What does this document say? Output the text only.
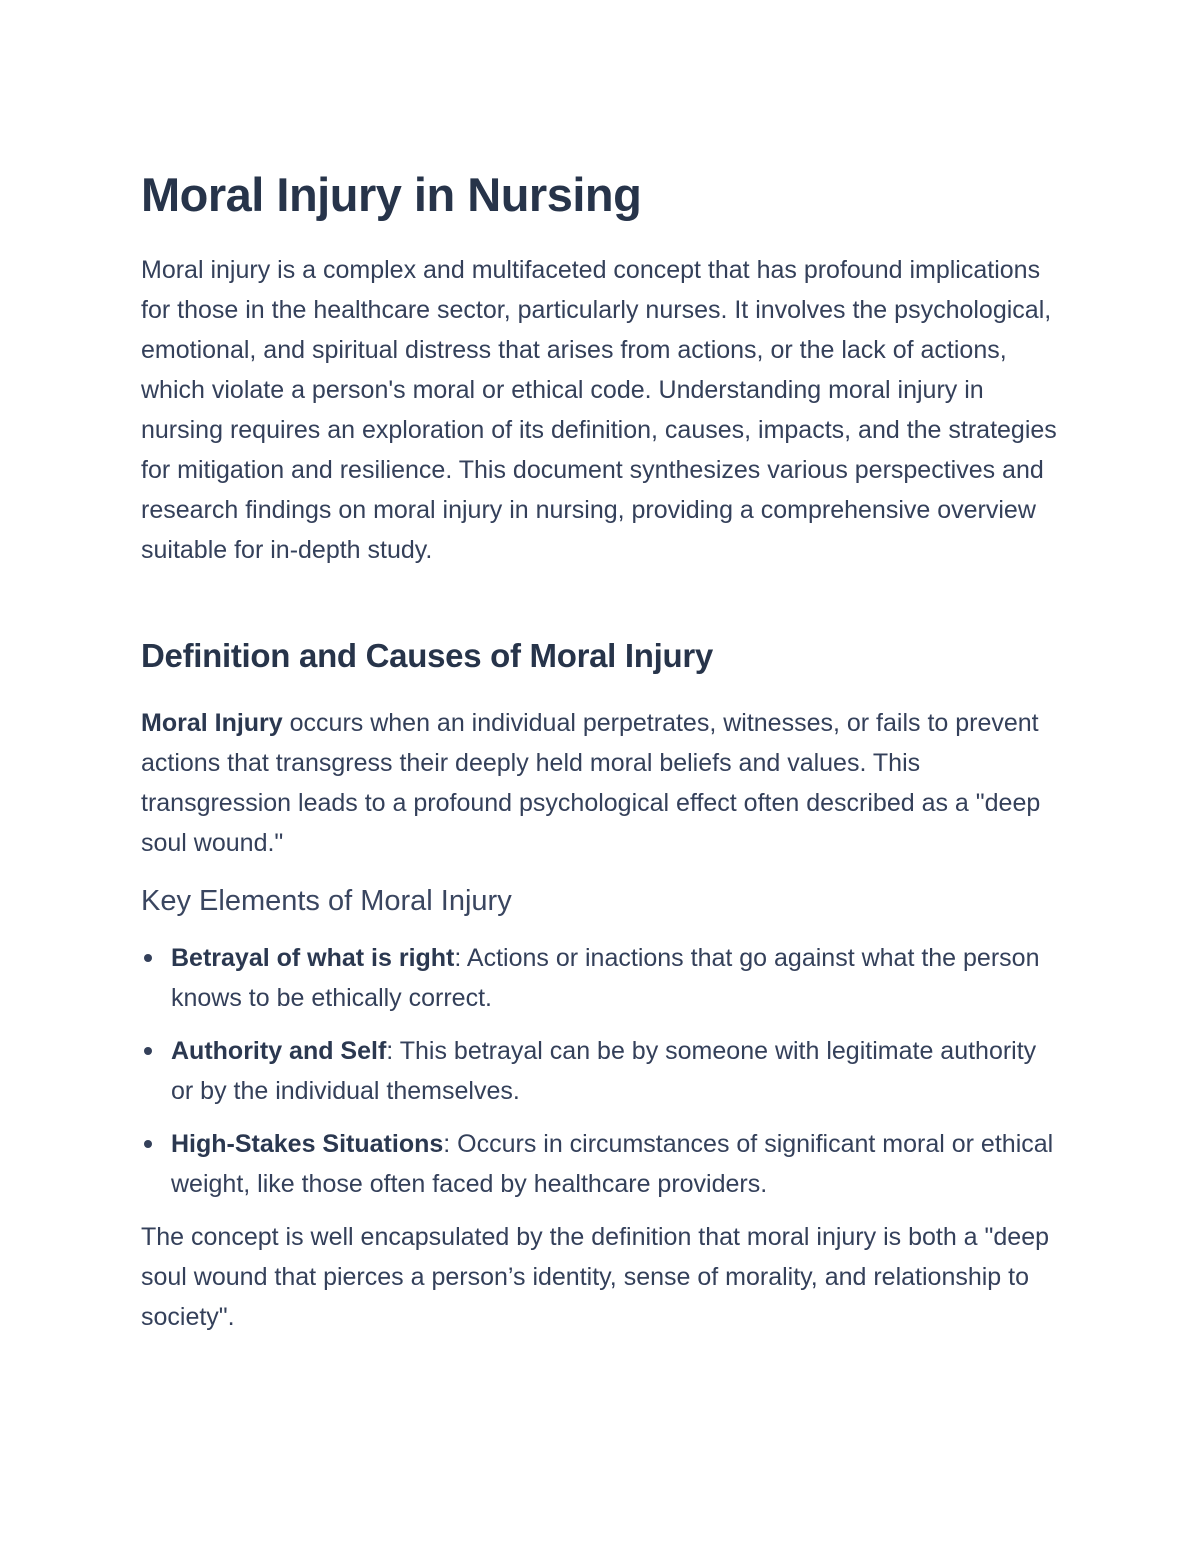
Moral Injury in Nursing

Moral injury is a complex and multifaceted concept that has profound implications for those in the healthcare sector, particularly nurses. It involves the psychological, emotional, and spiritual distress that arises from actions, or the lack of actions, which violate a person's moral or ethical code. Understanding moral injury in nursing requires an exploration of its definition, causes, impacts, and the strategies for mitigation and resilience. This document synthesizes various perspectives and research findings on moral injury in nursing, providing a comprehensive overview suitable for in-depth study.

Definition and Causes of Moral Injury

Moral Injury occurs when an individual perpetrates, witnesses, or fails to prevent actions that transgress their deeply held moral beliefs and values. This transgression leads to a profound psychological effect often described as a "deep soul wound."

Key Elements of Moral Injury
Betrayal of what is right: Actions or inactions that go against what the person knows to be ethically correct.
Authority and Self: This betrayal can be by someone with legitimate authority or by the individual themselves.
High-Stakes Situations: Occurs in circumstances of significant moral or ethical weight, like those often faced by healthcare providers.

The concept is well encapsulated by the definition that moral injury is both a "deep soul wound that pierces a person’s identity, sense of morality, and relationship to society".
